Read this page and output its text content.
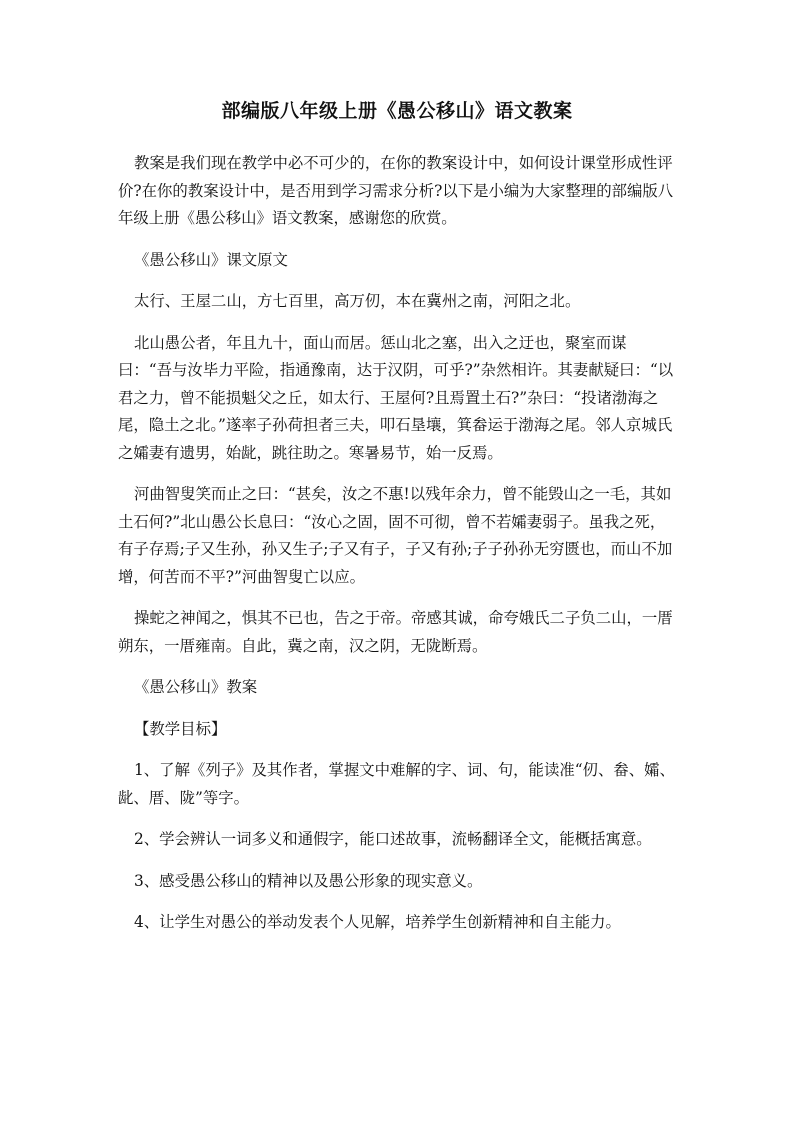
部编版八年级上册《愚公移山》语文教案

教案是我们现在教学中必不可少的，在你的教案设计中，如何设计课堂形成性评价?在你的教案设计中，是否用到学习需求分析?以下是小编为大家整理的部编版八年级上册《愚公移山》语文教案，感谢您的欣赏。

《愚公移山》课文原文

太行、王屋二山，方七百里，高万仞，本在冀州之南，河阳之北。

北山愚公者，年且九十，面山而居。惩山北之塞，出入之迂也，聚室而谋曰：“吾与汝毕力平险，指通豫南，达于汉阴，可乎?”杂然相许。其妻献疑曰：“以君之力，曾不能损魁父之丘，如太行、王屋何?且焉置土石?”杂曰：“投诸渤海之尾，隐土之北。”遂率子孙荷担者三夫，叩石垦壤，箕畚运于渤海之尾。邻人京城氏之孀妻有遗男，始龀，跳往助之。寒暑易节，始一反焉。

河曲智叟笑而止之曰：“甚矣，汝之不惠!以残年余力，曾不能毁山之一毛，其如土石何?”北山愚公长息曰：“汝心之固，固不可彻，曾不若孀妻弱子。虽我之死，有子存焉;子又生孙，孙又生子;子又有子，子又有孙;子子孙孙无穷匮也，而山不加增，何苦而不平?”河曲智叟亡以应。

操蛇之神闻之，惧其不已也，告之于帝。帝感其诚，命夸娥氏二子负二山，一厝朔东，一厝雍南。自此，冀之南，汉之阴，无陇断焉。

《愚公移山》教案

【教学目标】

1、了解《列子》及其作者，掌握文中难解的字、词、句，能读准“仞、畚、孀、龀、厝、陇”等字。

2、学会辨认一词多义和通假字，能口述故事，流畅翻译全文，能概括寓意。

3、感受愚公移山的精神以及愚公形象的现实意义。

4、让学生对愚公的举动发表个人见解，培养学生创新精神和自主能力。
